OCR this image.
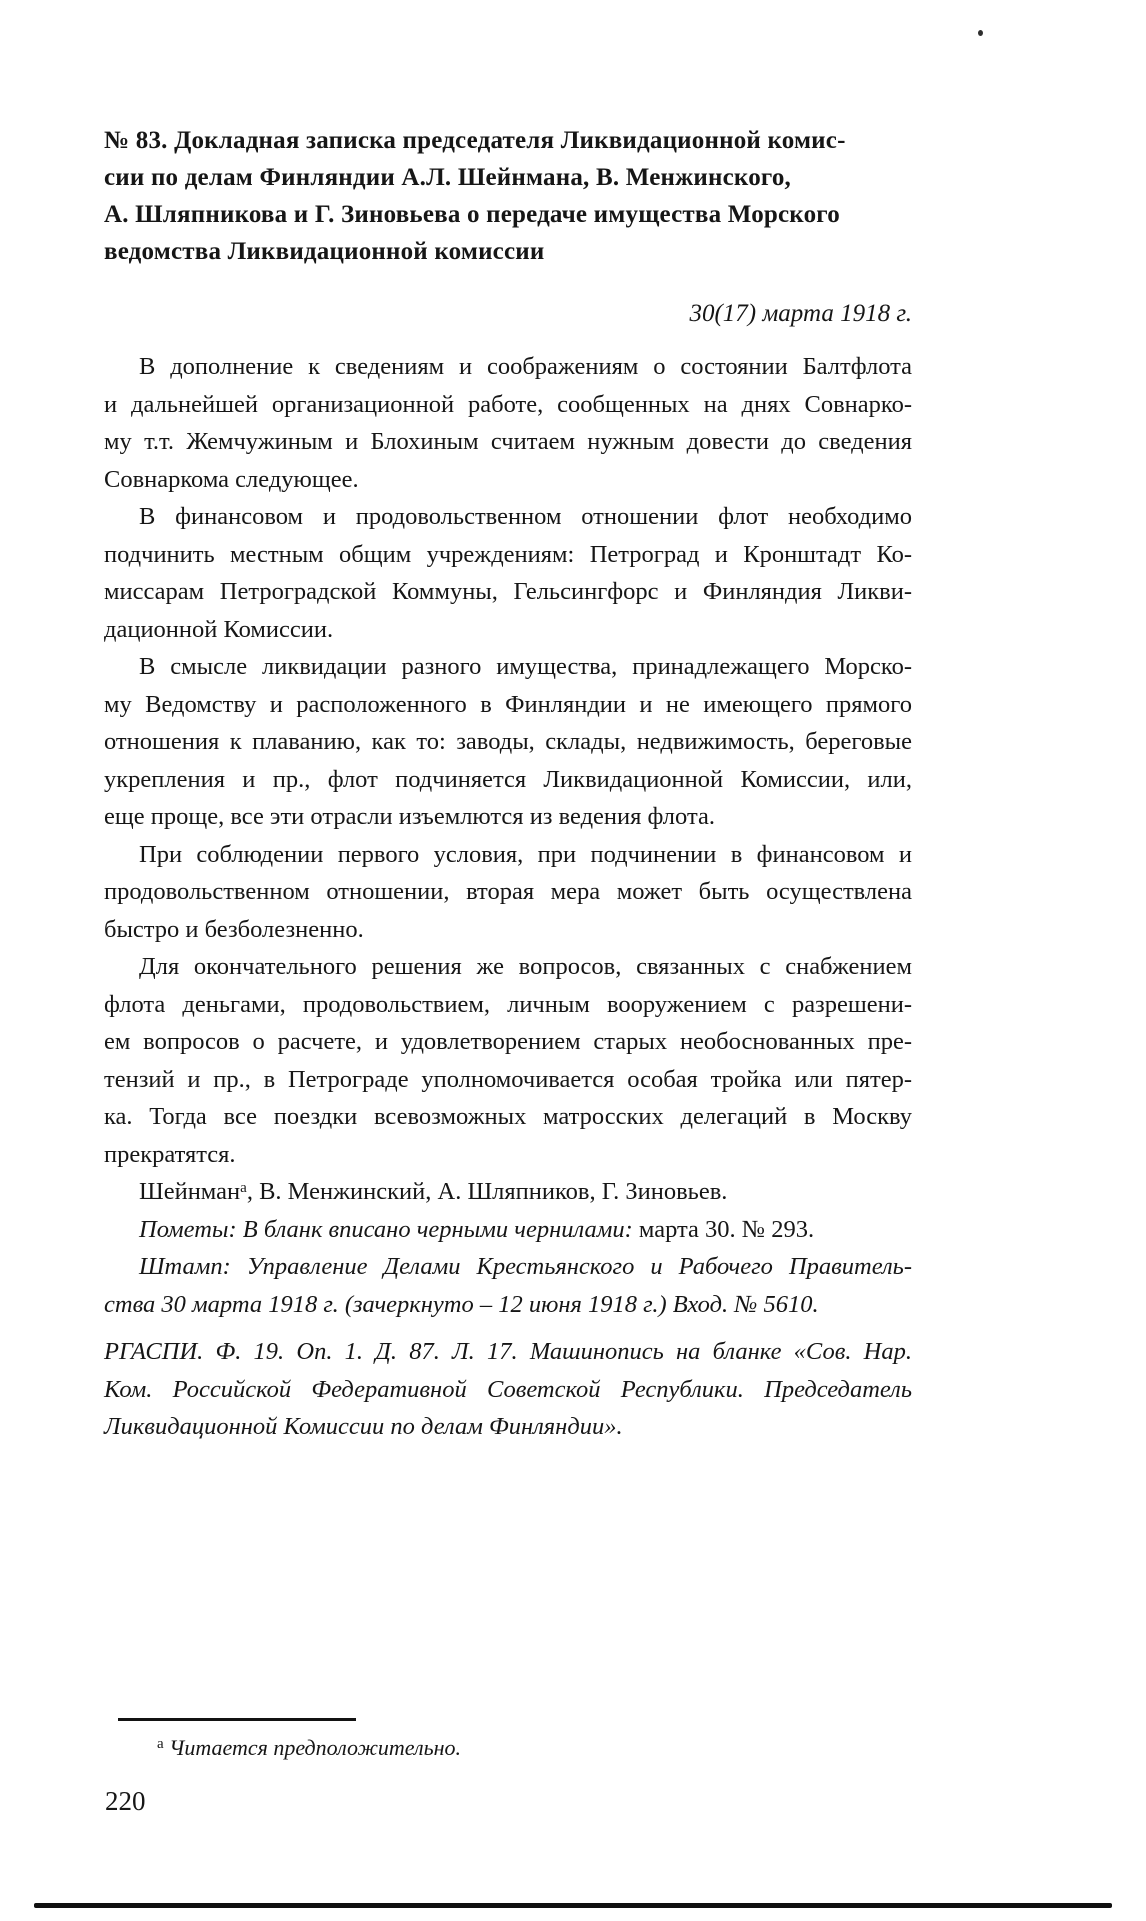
№ 83. Докладная записка председателя Ликвидационной комис-
сии по делам Финляндии А.Л. Шейнмана, В. Менжинского,
А. Шляпникова и Г. Зиновьева о передаче имущества Морского
ведомства Ликвидационной комиссии
30(17) марта 1918 г.
В дополнение к сведениям и соображениям о состоянии Балтфлота
и дальнейшей организационной работе, сообщенных на днях Совнарко-
му т.т. Жемчужиным и Блохиным считаем нужным довести до сведения
Совнаркома следующее.
В финансовом и продовольственном отношении флот необходимо
подчинить местным общим учреждениям: Петроград и Кронштадт Ко-
миссарам Петроградской Коммуны, Гельсингфорс и Финляндия Ликви-
дационной Комиссии.
В смысле ликвидации разного имущества, принадлежащего Морско-
му Ведомству и расположенного в Финляндии и не имеющего прямого
отношения к плаванию, как то: заводы, склады, недвижимость, береговые
укрепления и пр., флот подчиняется Ликвидационной Комиссии, или,
еще проще, все эти отрасли изъемлются из ведения флота.
При соблюдении первого условия, при подчинении в финансовом и
продовольственном отношении, вторая мера может быть осуществлена
быстро и безболезненно.
Для окончательного решения же вопросов, связанных с снабжением
флота деньгами, продовольствием, личным вооружением с разрешени-
ем вопросов о расчете, и удовлетворением старых необоснованных пре-
тензий и пр., в Петрограде уполномочивается особая тройка или пятер-
ка. Тогда все поездки всевозможных матросских делегаций в Москву
прекратятся.
Шейнман$^а$, В. Менжинский, А. Шляпников, Г. Зиновьев.
Пометы: В бланк вписано черными чернилами: марта 30. № 293.
Штамп: Управление Делами Крестьянского и Рабочего Правитель-
ства 30 марта 1918 г. (зачеркнуто – 12 июня 1918 г.) Вход. № 5610.
РГАСПИ. Ф. 19. Оп. 1. Д. 87. Л. 17. Машинопись на бланке «Сов. Нар.
Ком. Российской Федеративной Советской Республики. Председатель
Ликвидационной Комиссии по делам Финляндии».
$^а$ Читается предположительно.
220
